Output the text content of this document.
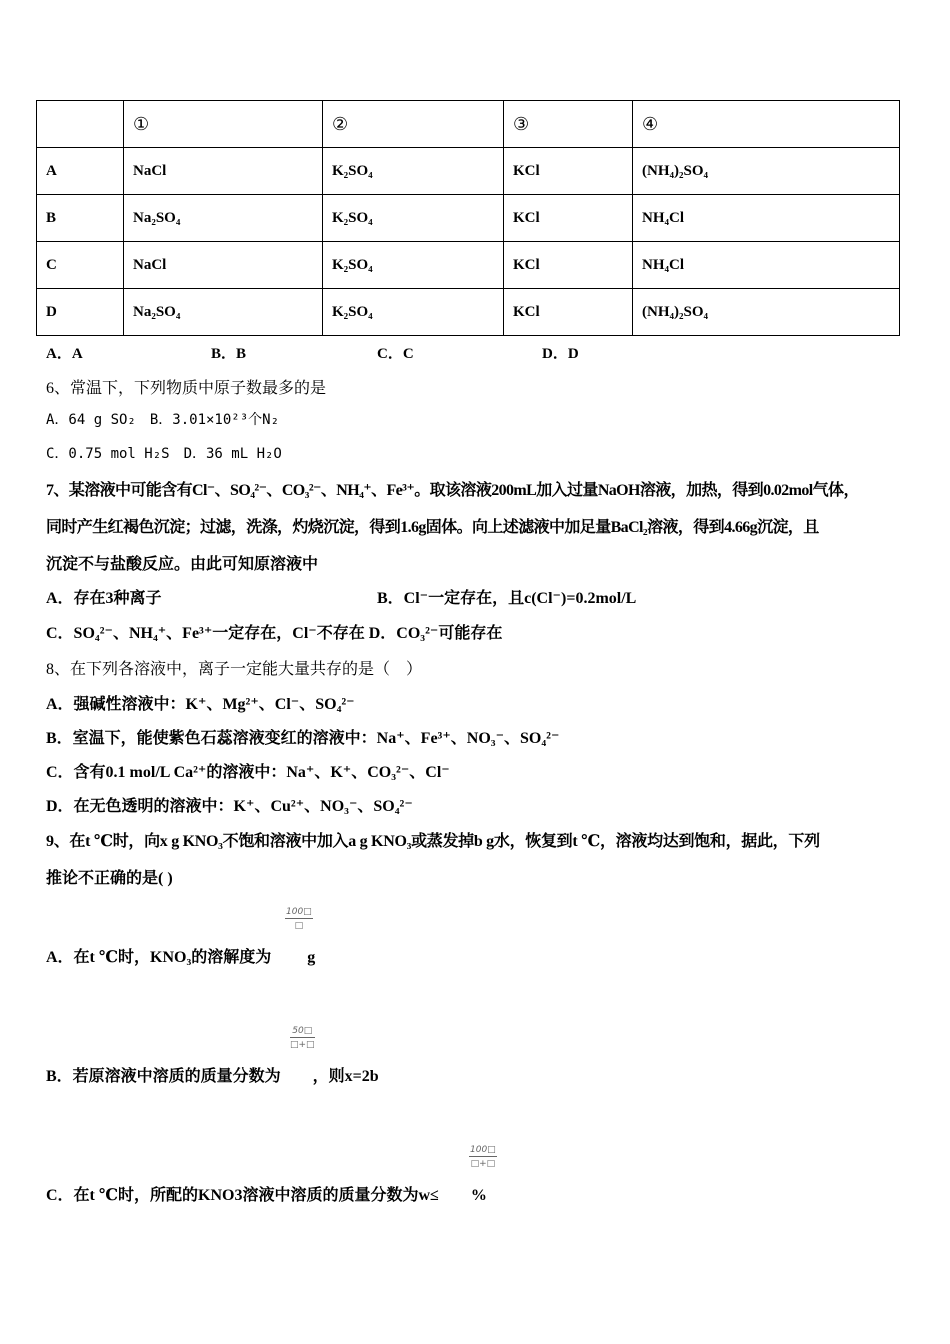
	①	②	③	④
A	NaCl	K₂SO₄	KCl	(NH₄)₂SO₄
B	Na₂SO₄	K₂SO₄	KCl	NH₄Cl
C	NaCl	K₂SO₄	KCl	NH₄Cl
D	Na₂SO₄	K₂SO₄	KCl	(NH₄)₂SO₄
A．A	B．B	C．C	D．D
6、常温下，下列物质中原子数最多的是
A．64 g SO₂　B．3.01×10²³个N₂
C．0.75 mol H₂S　D．36 mL H₂O
7、某溶液中可能含有Cl⁻、SO₄²⁻、CO₃²⁻、NH₄⁺、Fe³⁺。取该溶液200mL加入过量NaOH溶液，加热，得到0.02mol气体，
同时产生红褐色沉淀；过滤，洗涤，灼烧沉淀，得到1.6g固体。向上述滤液中加足量BaCl₂溶液，得到4.66g沉淀，且
沉淀不与盐酸反应。由此可知原溶液中
A．存在3种离子	B．Cl⁻一定存在，且c(Cl⁻)=0.2mol/L
C．SO₄²⁻、NH₄⁺、Fe³⁺一定存在，Cl⁻不存在 D．CO₃²⁻可能存在
8、在下列各溶液中，离子一定能大量共存的是（　）
A．强碱性溶液中：K⁺、Mg²⁺、Cl⁻、SO₄²⁻
B．室温下，能使紫色石蕊溶液变红的溶液中：Na⁺、Fe³⁺、NO₃⁻、SO₄²⁻
C．含有0.1 mol/L Ca²⁺的溶液中：Na⁺、K⁺、CO₃²⁻、Cl⁻
D．在无色透明的溶液中：K⁺、Cu²⁺、NO₃⁻、SO₄²⁻
9、在t ℃时，向x g KNO₃不饱和溶液中加入a g KNO₃或蒸发掉b g水，恢复到t ℃，溶液均达到饱和，据此，下列
推论不正确的是( )
100□
□
A．在t ℃时，KNO₃的溶解度为　　 g
50□
□+□
B．若原溶液中溶质的质量分数为　　，则x=2b
100□
□+□
C．在t ℃时，所配的KNO3溶液中溶质的质量分数为w≤　　%
